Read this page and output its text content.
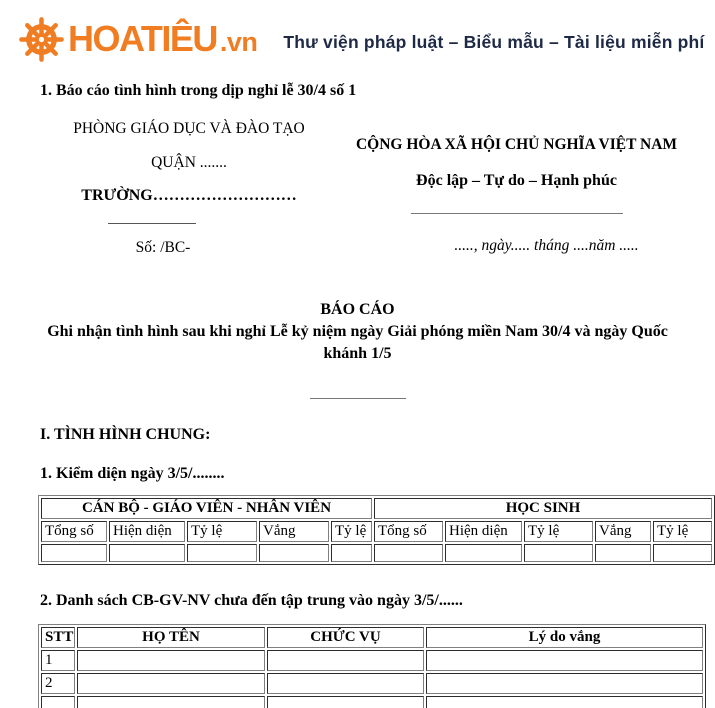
HOATIÊU .vn Thư viện pháp luật – Biểu mẫu – Tài liệu miễn phí
1. Báo cáo tình hình trong dịp nghỉ lễ 30/4 số 1
PHÒNG GIÁO DỤC VÀ ĐÀO TẠO
QUẬN .......
TRƯỜNG………………………
Số: /BC-
CỘNG HÒA XÃ HỘI CHỦ NGHĨA VIỆT NAM
Độc lập – Tự do – Hạnh phúc
....., ngày..... tháng ....năm .....
BÁO CÁO
Ghi nhận tình hình sau khi nghỉ Lễ kỷ niệm ngày Giải phóng miền Nam 30/4 và ngày Quốc khánh 1/5
I. TÌNH HÌNH CHUNG:
1. Kiểm diện ngày 3/5/........
CÁN BỘ - GIÁO VIÊN - NHÂN VIÊN					HỌC SINH				
Tổng số	Hiện diện	Tỷ lệ	Vắng	Tỷ lệ	Tổng số	Hiện diện	Tỷ lệ	Vắng	Tỷ lệ

2. Danh sách CB-GV-NV chưa đến tập trung vào ngày 3/5/......
STT	HỌ TÊN	CHỨC VỤ	Lý do vắng
1			
2			
